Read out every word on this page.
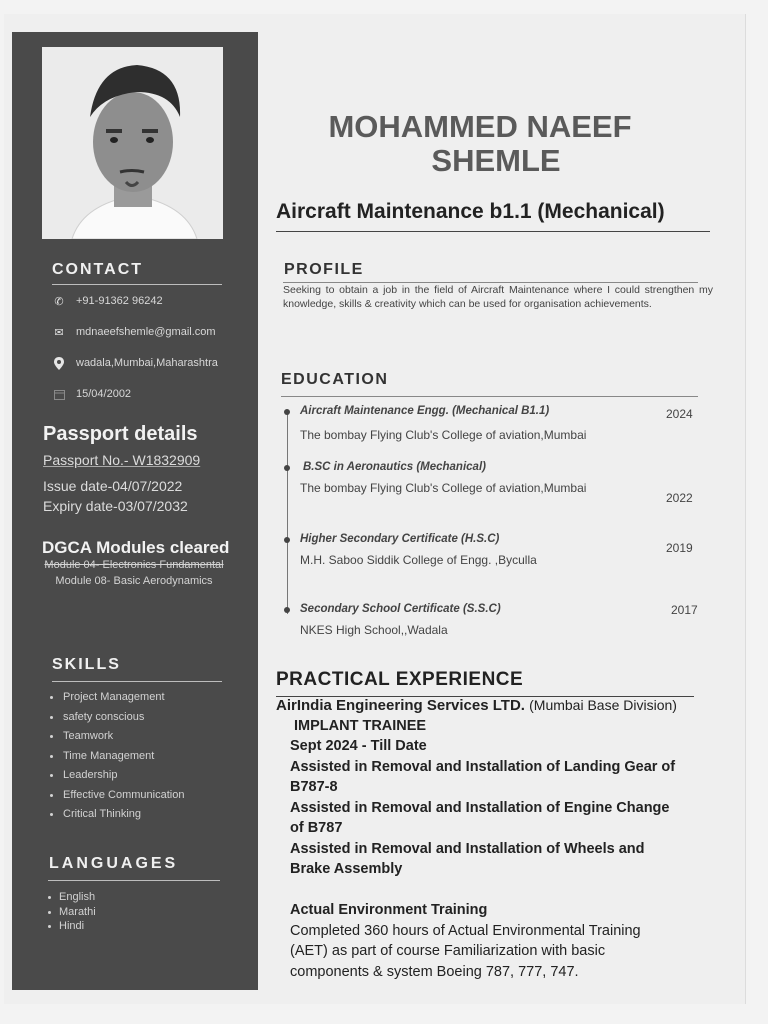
CONTACT
✆ +91-91362 96242
✉ mdnaeefshemle@gmail.com
wadala,Mumbai,Maharashtra
15/04/2002
Passport details
Passport No.- W1832909
Issue date-04/07/2022
Expiry date-03/07/2032
DGCA Modules cleared
Module 04- Electronics Fundamental
Module 08- Basic Aerodynamics
SKILLS
Project Management
safety conscious
Teamwork
Time Management
Leadership
Effective Communication
Critical Thinking
LANGUAGES
English
Marathi
Hindi
MOHAMMED NAEEF
SHEMLE
Aircraft Maintenance b1.1 (Mechanical)
PROFILE
Seeking to obtain a job in the field of Aircraft Maintenance where I could strengthen my knowledge, skills & creativity which can be used for organisation achievements.
EDUCATION
Aircraft Maintenance Engg. (Mechanical B1.1)	2024
The bombay Flying Club's College of aviation,Mumbai
B.SC in Aeronautics (Mechanical)
The bombay Flying Club's College of aviation,Mumbai
2022
Higher Secondary Certificate (H.S.C)
2019
M.H. Saboo Siddik College of Engg. ,Byculla
Secondary School Certificate (S.S.C)	2017
NKES High School,,Wadala
PRACTICAL EXPERIENCE
AirIndia Engineering Services LTD. (Mumbai Base Division)
IMPLANT TRAINEE
Sept 2024 - Till Date
Assisted in Removal and Installation of Landing Gear of
B787-8
Assisted in Removal and Installation of Engine Change
of B787
Assisted in Removal and Installation of Wheels and
Brake Assembly
Actual Environment Training
Completed 360 hours of Actual Environmental Training
(AET) as part of course Familiarization with basic
components & system Boeing 787, 777, 747.
